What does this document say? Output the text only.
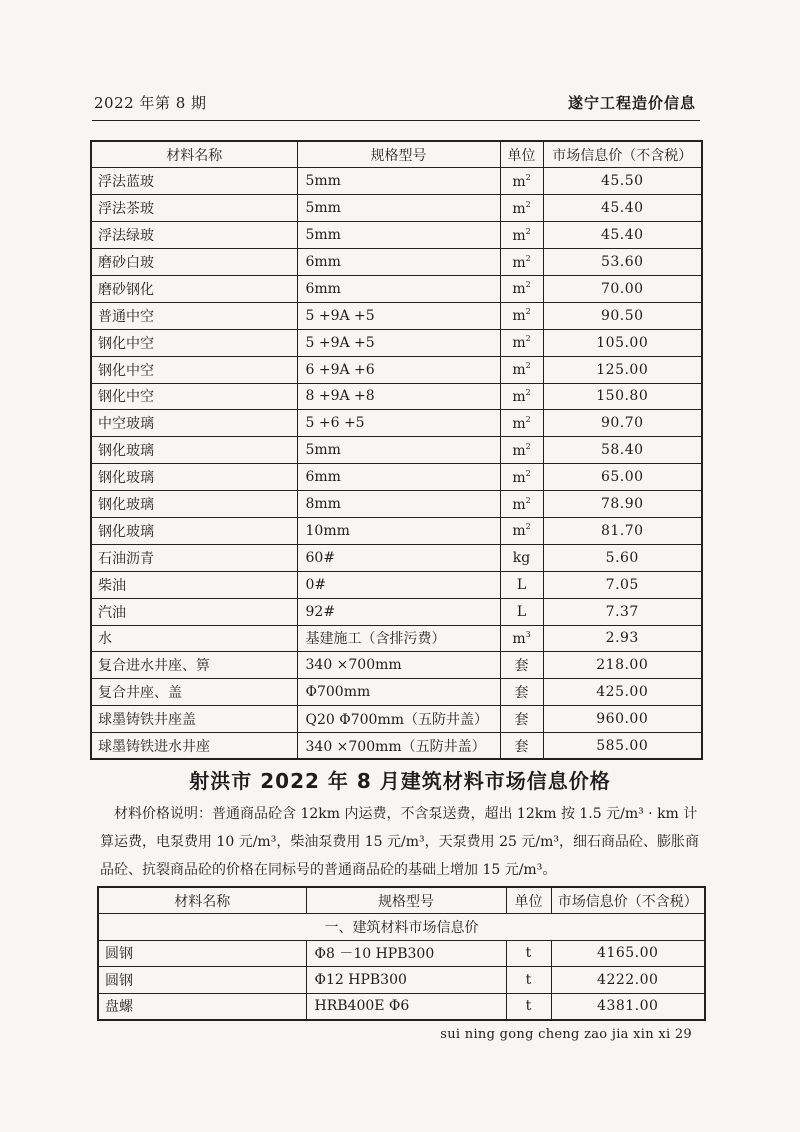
2022 年第 8 期	遂宁工程造价信息
材料名称	规格型号	单位	市场信息价（不含税）
浮法蓝玻	5mm	$m^2$	45.50
浮法茶玻	5mm	$m^2$	45.40
浮法绿玻	5mm	$m^2$	45.40
磨砂白玻	6mm	$m^2$	53.60
磨砂钢化	6mm	$m^2$	70.00
普通中空	5 +9A +5	$m^2$	90.50
钢化中空	5 +9A +5	$m^2$	105.00
钢化中空	6 +9A +6	$m^2$	125.00
钢化中空	8 +9A +8	$m^2$	150.80
中空玻璃	5 +6 +5	$m^2$	90.70
钢化玻璃	5mm	$m^2$	58.40
钢化玻璃	6mm	$m^2$	65.00
钢化玻璃	8mm	$m^2$	78.90
钢化玻璃	10mm	$m^2$	81.70
石油沥青	60#	kg	5.60
柴油	0#	L	7.05
汽油	92#	L	7.37
水	基建施工（含排污费）	$m^3$	2.93
复合进水井座、箅	340 ×700mm	套	218.00
复合井座、盖	Φ700mm	套	425.00
球墨铸铁井座盖	Q20 Φ700mm（五防井盖）	套	960.00
球墨铸铁进水井座	340 ×700mm（五防井盖）	套	585.00
射洪市 2022 年 8 月建筑材料市场信息价格
材料价格说明：普通商品砼含 12km 内运费，不含泵送费，超出 12km 按 1.5 元/m³ · km 计算运费，电泵费用 10 元/m³，柴油泵费用 15 元/m³，天泵费用 25 元/m³，细石商品砼、膨胀商品砼、抗裂商品砼的价格在同标号的普通商品砼的基础上增加 15 元/m³。
材料名称	规格型号	单位	市场信息价（不含税）
一、建筑材料市场信息价			
圆钢	Φ8 －10 HPB300	t	4165.00
圆钢	Φ12 HPB300	t	4222.00
盘螺	HRB400E Φ6	t	4381.00
sui ning gong cheng zao jia xin xi 29
